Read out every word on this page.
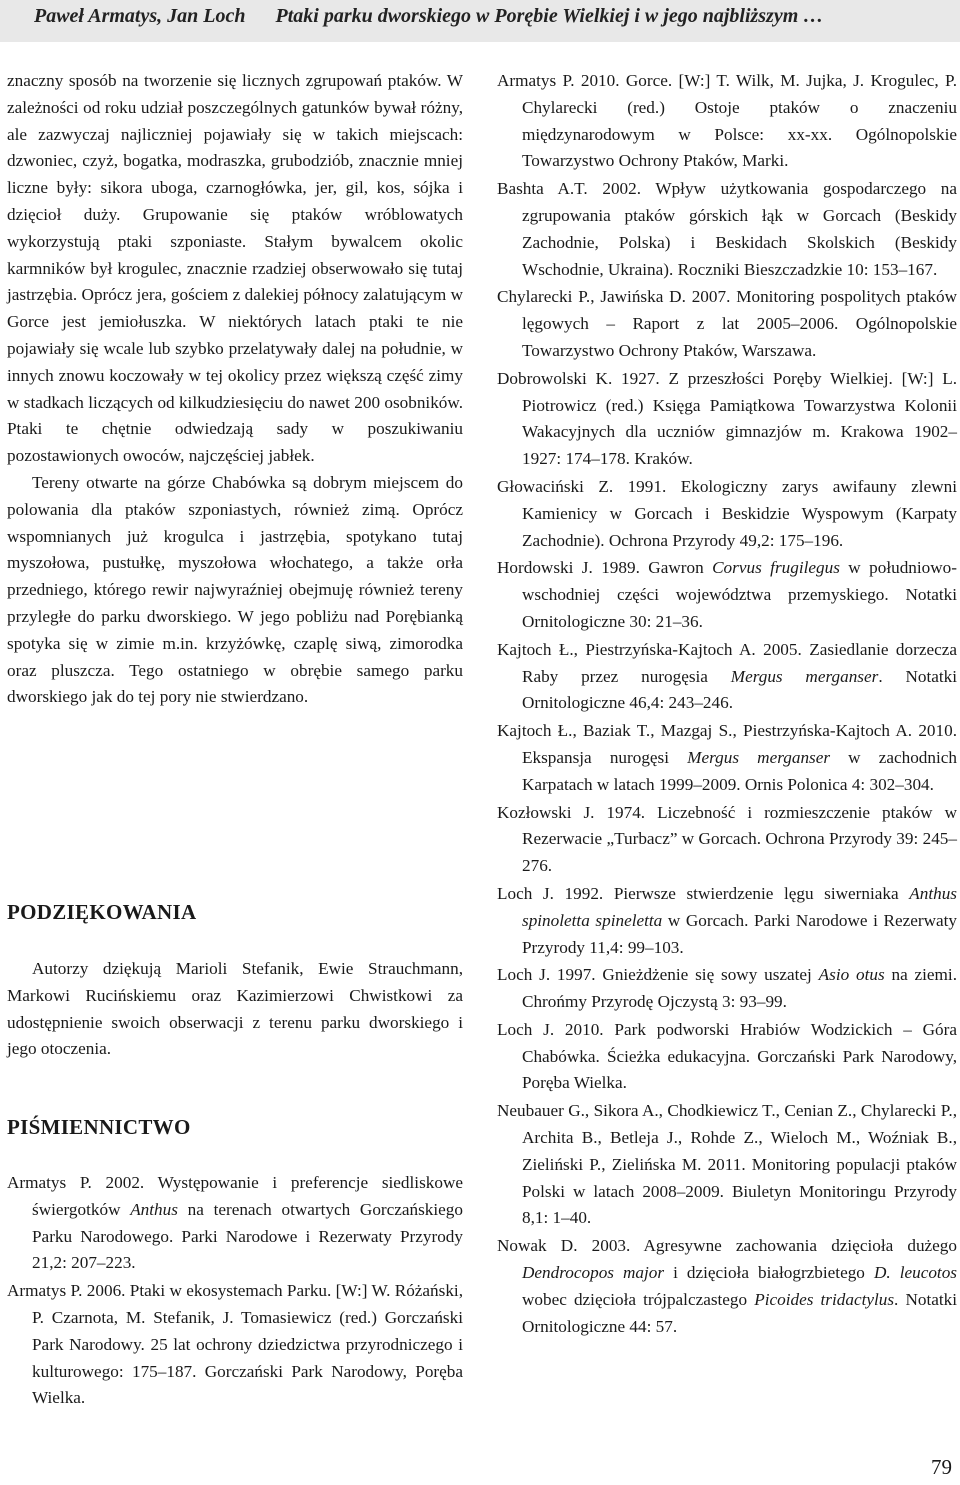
Paweł Armatys, Jan Loch Ptaki parku dworskiego w Porębie Wielkiej i w jego najbliższym …

znaczny sposób na tworzenie się licznych zgrupowań ptaków. W zależności od roku udział poszczególnych gatunków bywał różny, ale zazwyczaj najliczniej pojawiały się w takich miejscach: dzwoniec, czyż, bogatka, modraszka, grubodziób, znacznie mniej liczne były: sikora uboga, czarnogłówka, jer, gil, kos, sójka i dzięcioł duży. Grupowanie się ptaków wróblowatych wykorzystują ptaki szponiaste. Stałym bywalcem okolic karmników był krogulec, znacznie rzadziej obserwowało się tutaj jastrzębia. Oprócz jera, gościem z dalekiej północy zalatującym w Gorce jest jemiołuszka. W niektórych latach ptaki te nie pojawiały się wcale lub szybko przelatywały dalej na południe, w innych znowu koczowały w tej okolicy przez większą część zimy w stadkach liczących od kilkudziesięciu do nawet 200 osobników. Ptaki te chętnie odwiedzają sady w poszukiwaniu pozostawionych owoców, najczęściej jabłek.

Tereny otwarte na górze Chabówka są dobrym miejscem do polowania dla ptaków szponiastych, również zimą. Oprócz wspomnianych już krogulca i jastrzębia, spotykano tutaj myszołowa, pustułkę, myszołowa włochatego, a także orła przedniego, którego rewir najwyraźniej obejmuję również tereny przyległe do parku dworskiego. W jego pobliżu nad Porębianką spotyka się w zimie m.in. krzyżówkę, czaplę siwą, zimorodka oraz pluszcza. Tego ostatniego w obrębie samego parku dworskiego jak do tej pory nie stwierdzano.

PODZIĘKOWANIA

Autorzy dziękują Marioli Stefanik, Ewie Strauchmann, Markowi Rucińskiemu oraz Kazimierzowi Chwistkowi za udostępnienie swoich obserwacji z terenu parku dworskiego i jego otoczenia.

PIŚMIENNICTWO

Armatys P. 2002. Występowanie i preferencje siedliskowe świergotków Anthus na terenach otwartych Gorczańskiego Parku Narodowego. Parki Narodowe i Rezerwaty Przyrody 21,2: 207–223.

Armatys P. 2006. Ptaki w ekosystemach Parku. [W:] W. Różański, P. Czarnota, M. Stefanik, J. Tomasiewicz (red.) Gorczański Park Narodowy. 25 lat ochrony dziedzictwa przyrodniczego i kulturowego: 175–187. Gorczański Park Narodowy, Poręba Wielka.

Armatys P. 2010. Gorce. [W:] T. Wilk, M. Jujka, J. Krogulec, P. Chylarecki (red.) Ostoje ptaków o znaczeniu międzynarodowym w Polsce: xx-xx. Ogólnopolskie Towarzystwo Ochrony Ptaków, Marki.

Bashta A.T. 2002. Wpływ użytkowania gospodarczego na zgrupowania ptaków górskich łąk w Gorcach (Beskidy Zachodnie, Polska) i Beskidach Skolskich (Beskidy Wschodnie, Ukraina). Roczniki Bieszczadzkie 10: 153–167.

Chylarecki P., Jawińska D. 2007. Monitoring pospolitych ptaków lęgowych – Raport z lat 2005–2006. Ogólnopolskie Towarzystwo Ochrony Ptaków, Warszawa.

Dobrowolski K. 1927. Z przeszłości Poręby Wielkiej. [W:] L. Piotrowicz (red.) Księga Pamiątkowa Towarzystwa Kolonii Wakacyjnych dla uczniów gimnazjów m. Krakowa 1902–1927: 174–178. Kraków.

Głowaciński Z. 1991. Ekologiczny zarys awifauny zlewni Kamienicy w Gorcach i Beskidzie Wyspowym (Karpaty Zachodnie). Ochrona Przyrody 49,2: 175–196.

Hordowski J. 1989. Gawron Corvus frugilegus w południowo-wschodniej części województwa przemyskiego. Notatki Ornitologiczne 30: 21–36.

Kajtoch Ł., Piestrzyńska-Kajtoch A. 2005. Zasiedlanie dorzecza Raby przez nurogęsia Mergus merganser. Notatki Ornitologiczne 46,4: 243–246.

Kajtoch Ł., Baziak T., Mazgaj S., Piestrzyńska-Kajtoch A. 2010. Ekspansja nurogęsi Mergus merganser w zachodnich Karpatach w latach 1999–2009. Ornis Polonica 4: 302–304.

Kozłowski J. 1974. Liczebność i rozmieszczenie ptaków w Rezerwacie „Turbacz” w Gorcach. Ochrona Przyrody 39: 245–276.

Loch J. 1992. Pierwsze stwierdzenie lęgu siwerniaka Anthus spinoletta spineletta w Gorcach. Parki Narodowe i Rezerwaty Przyrody 11,4: 99–103.

Loch J. 1997. Gnieżdżenie się sowy uszatej Asio otus na ziemi. Chrońmy Przyrodę Ojczystą 3: 93–99.

Loch J. 2010. Park podworski Hrabiów Wodzickich – Góra Chabówka. Ścieżka edukacyjna. Gorczański Park Narodowy, Poręba Wielka.

Neubauer G., Sikora A., Chodkiewicz T., Cenian Z., Chylarecki P., Archita B., Betleja J., Rohde Z., Wieloch M., Woźniak B., Zieliński P., Zielińska M. 2011. Monitoring populacji ptaków Polski w latach 2008–2009. Biuletyn Monitoringu Przyrody 8,1: 1–40.

Nowak D. 2003. Agresywne zachowania dzięcioła dużego Dendrocopos major i dzięcioła białogrzbietego D. leucotos wobec dzięcioła trójpalczastego Picoides tridactylus. Notatki Ornitologiczne 44: 57.

79
